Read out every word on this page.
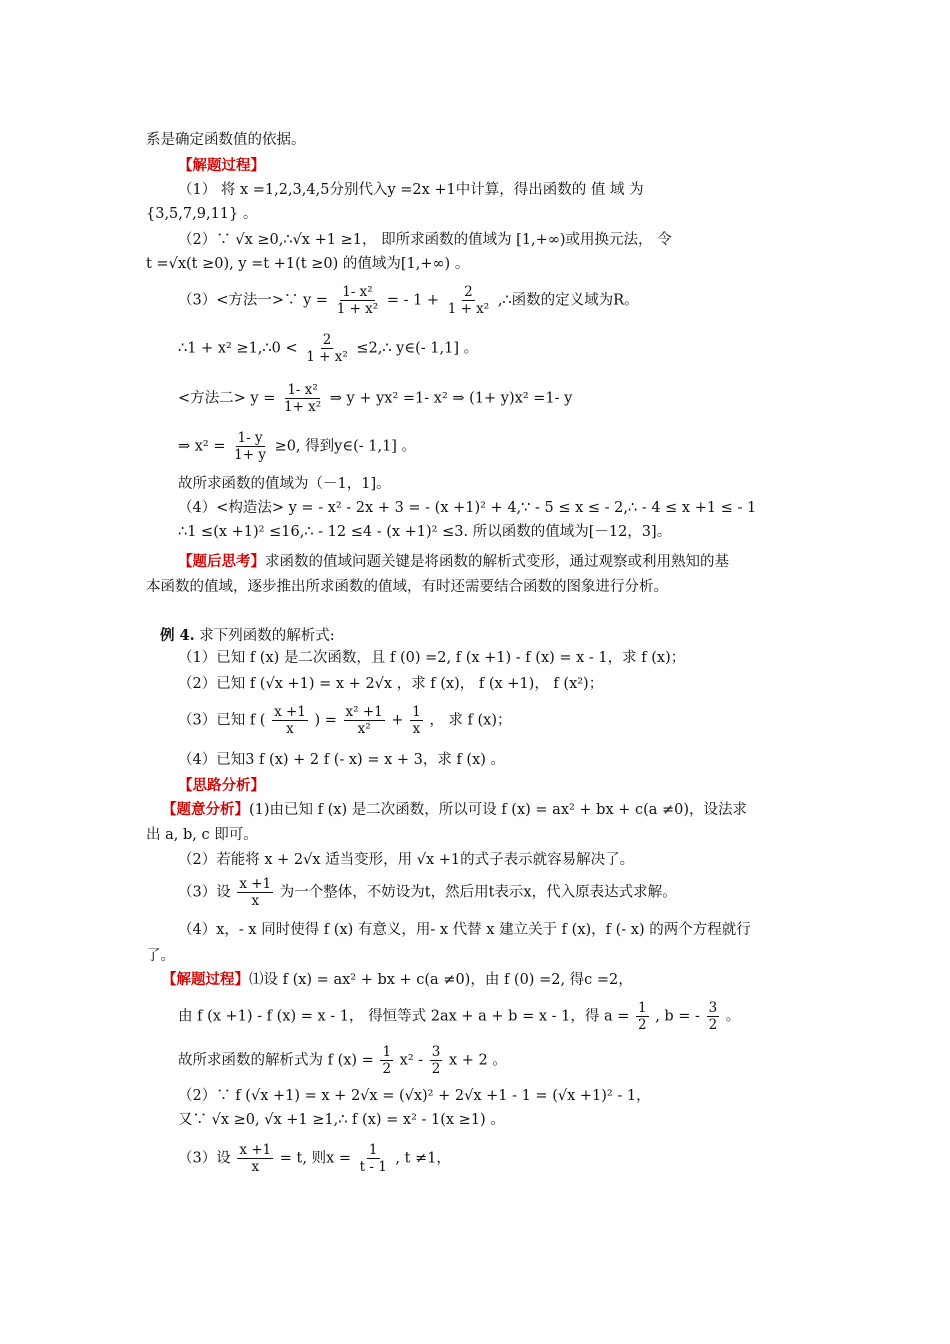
系是确定函数值的依据。
【解题过程】
（1） 将 x =1,2,3,4,5分别代入y =2x +1中计算，得出函数的 值 域 为
{3,5,7,9,11} 。
（2）∵ √x ≥0,∴√x +1 ≥1， 即所求函数的值域为 [1,+∞)或用换元法， 令
t =√x(t ≥0), y =t +1(t ≥0) 的值域为[1,+∞) 。
（3）<方法一>∵ $y = \frac{\text{1- x²}}{\text{1 + x²}}$ = - $1 + \frac{2}{\text{1 + x²}}$ ,∴函数的定义域为R。
∴1 + x² ≥1,∴0 < $\frac{2}{\text{1 + x²}}$ ≤2,∴ y∈(- 1,1] 。
<方法二> $y = \frac{\text{1- x²}}{\text{1+ x²}}$ ⇒ y + yx² =1- x² ⇒ (1+ y)x² =1- y
⇒ $x^2 = \frac{1- y}{1+ y} \ge 0$, 得到y∈(- 1,1] 。
故所求函数的值域为（－1，1]。
（4）<构造法> y = - x² - 2x + 3 = - (x +1)² + 4,∵ - 5 ≤ x ≤ - 2,∴ - 4 ≤ x +1 ≤ - 1
∴1 ≤(x +1)² ≤16,∴ - 12 ≤4 - (x +1)² ≤3. 所以函数的值域为[－12，3]。
【题后思考】求函数的值域问题关键是将函数的解析式变形，通过观察或利用熟知的基
本函数的值域，逐步推出所求函数的值域，有时还需要结合函数的图象进行分析。
例 4. 求下列函数的解析式:
（1）已知 f (x) 是二次函数，且 f (0) =2, f (x +1) - f (x) = x - 1，求 f (x)；
（2）已知 f (√x +1) = x + 2√x ，求 f (x)， f (x +1)， f (x²)；
（3）已知 f ( $\frac{x +1}{x}$ ) = $\frac{\text{x² +1}}{\text{x²}} + \frac{1}{x}$ ， 求 f (x)；
（4）已知3 f (x) + 2 f (- x) = x + 3，求 f (x) 。
【思路分析】
【题意分析】(1)由已知 f (x) 是二次函数，所以可设 f (x) = ax² + bx + c(a ≠0)，设法求
出 a, b, c 即可。
（2）若能将 x + 2√x 适当变形，用 √x +1的式子表示就容易解决了。
（3）设 $\frac{x +1}{x}$ 为一个整体，不妨设为t，然后用t表示x，代入原表达式求解。
（4）x，- x 同时使得 f (x) 有意义，用- x 代替 x 建立关于 f (x)，f (- x) 的两个方程就行
了。
【解题过程】⑴设 f (x) = ax² + bx + c(a ≠0)，由 f (0) =2, 得c =2，
由 f (x +1) - f (x) = x - 1， 得恒等式 2ax + a + b = x - 1，得 $a = \frac{1}{2}$ , b = - $\frac{3}{2}$ 。
故所求函数的解析式为 f $(x) = \frac{1}{2} x^2 - \frac{3}{2}$ x + 2 。
（2）∵ f (√x +1) = x + 2√x = (√x)² + 2√x +1 - 1 = (√x +1)² - 1，
又∵ √x ≥0, √x +1 ≥1,∴ f (x) = x² - 1(x ≥1) 。
（3）设 $\frac{x +1}{x} = t$, 则$x = \frac{1}{t - 1}$ , t ≠1，
